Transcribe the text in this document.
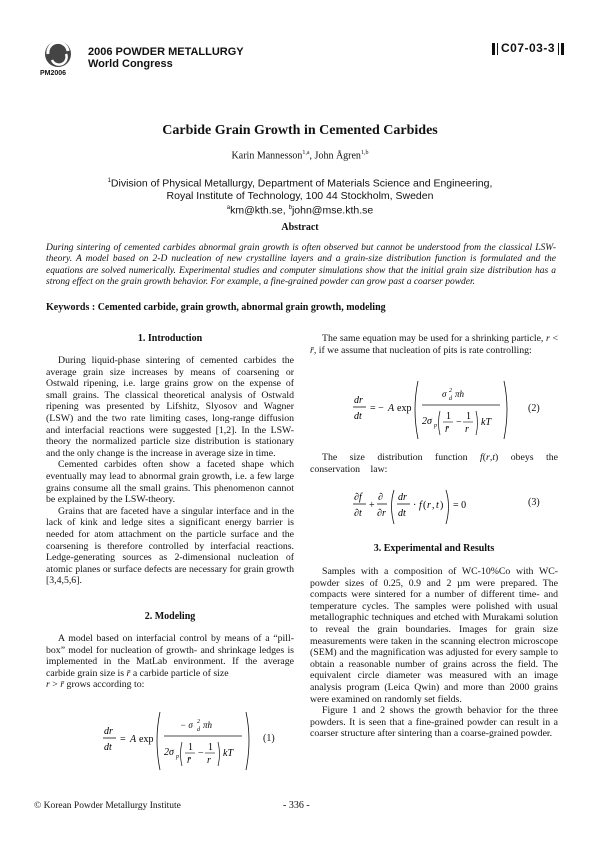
PM2006
2006 POWDER METALLURGY
World Congress
C07-03-3
Carbide Grain Growth in Cemented Carbides
Karin Mannesson$^{1,a}$, John Ågren$^{1,b}$
$^1$Division of Physical Metallurgy, Department of Materials Science and Engineering,
Royal Institute of Technology, 100 44 Stockholm, Sweden
$^a$km@kth.se, $^b$john@mse.kth.se
Abstract

During sintering of cemented carbides abnormal grain growth is often observed but cannot be understood from the classical LSW-theory. A model based on 2-D nucleation of new crystalline layers and a grain-size distribution function is formulated and the equations are solved numerically. Experimental studies and computer simulations show that the initial grain size distribution has a strong effect on the grain growth behavior. For example, a fine-grained powder can grow past a coarser powder.

Keywords : Cemented carbide, grain growth, abnormal grain growth, modeling
1. Introduction

During liquid-phase sintering of cemented carbides the average grain size increases by means of coarsening or Ostwald ripening, i.e. large grains grow on the expense of small grains. The classical theoretical analysis of Ostwald ripening was presented by Lifshitz, Slyosov and Wagner (LSW) and the two rate limiting cases, long-range diffusion and interfacial reactions were suggested [1,2]. In the LSW-theory the normalized particle size distribution is stationary and the only change is the increase in average size in time.

Cemented carbides often show a faceted shape which eventually may lead to abnormal grain growth, i.e. a few large grains consume all the small grains. This phenomenon cannot be explained by the LSW-theory.

Grains that are faceted have a singular interface and in the lack of kink and ledge sites a significant energy barrier is needed for atom attachment on the particle surface and the coarsening is therefore controlled by interfacial reactions. Ledge-generating sources as 2-dimensional nucleation of atomic planes or surface defects are necessary for grain growth [3,4,5,6].

2. Modeling

A model based on interfacial control by means of a “pill-box” model for nucleation of growth- and shrinkage ledges is implemented in the MatLab environment. If the average carbide grain size is r̄ a carbide particle of size
r > r̄ grows according to:

dr
dt
= A exp
− σ d
2 πh
2σ p
1
r̄
−
1
r
kT
(1)

The same equation may be used for a shrinking particle, r < r̄, if we assume that nucleation of pits is rate controlling:

dr
dt
= − A exp
σ d
2 πh
2σ p
1
r̄
−
1
r
kT
(2)

The size distribution function f(r,t) obeys the conservation law:

∂f
∂t
+
∂
∂r
dr
dt
· f ( r , t ) = 0	(3)
3. Experimental and Results

Samples with a composition of WC-10%Co with WC-powder sizes of 0.25, 0.9 and 2 µm were prepared. The compacts were sintered for a number of different time- and temperature cycles. The samples were polished with usual metallographic techniques and etched with Murakami solution to reveal the grain boundaries. Images for grain size measurements were taken in the scanning electron microscope (SEM) and the magnification was adjusted for every sample to obtain a reasonable number of grains across the field. The equivalent circle diameter was measured with an image analysis program (Leica Qwin) and more than 2000 grains were examined on randomly set fields.

Figure 1 and 2 shows the growth behavior for the three powders. It is seen that a fine-grained powder can result in a coarser structure after sintering than a coarse-grained powder.

© Korean Powder Metallurgy Institute	- 336 -
